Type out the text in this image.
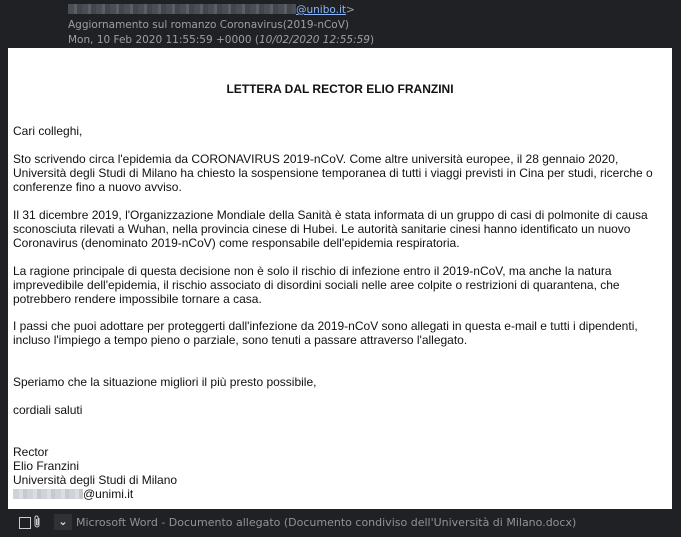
@unibo.it>
Aggiornamento sul romanzo Coronavirus(2019-nCoV)
Mon, 10 Feb 2020 11:55:59 +0000 (10/02/2020 12:55:59)
LETTERA DAL RECTOR ELIO FRANZINI
Cari colleghi,
Sto scrivendo circa l'epidemia da CORONAVIRUS 2019-nCoV. Come altre università europee, il 28 gennaio 2020, Università degli Studi di Milano ha chiesto la sospensione temporanea di tutti i viaggi previsti in Cina per studi, ricerche o conferenze fino a nuovo avviso.
Il 31 dicembre 2019, l'Organizzazione Mondiale della Sanità è stata informata di un gruppo di casi di polmonite di causa sconosciuta rilevati a Wuhan, nella provincia cinese di Hubei. Le autorità sanitarie cinesi hanno identificato un nuovo Coronavirus (denominato 2019-nCoV) come responsabile dell'epidemia respiratoria.
La ragione principale di questa decisione non è solo il rischio di infezione entro il 2019-nCoV, ma anche la natura imprevedibile dell'epidemia, il rischio associato di disordini sociali nelle aree colpite o restrizioni di quarantena, che potrebbero rendere impossibile tornare a casa.
I passi che puoi adottare per proteggerti dall'infezione da 2019-nCoV sono allegati in questa e-mail e tutti i dipendenti, incluso l'impiego a tempo pieno o parziale, sono tenuti a passare attraverso l'allegato.
Speriamo che la situazione migliori il più presto possibile,
cordiali saluti
Rector
Elio Franzini
Università degli Studi di Milano
@unimi.it
⌄ Microsoft Word - Documento allegato (Documento condiviso dell'Università di Milano.docx)
